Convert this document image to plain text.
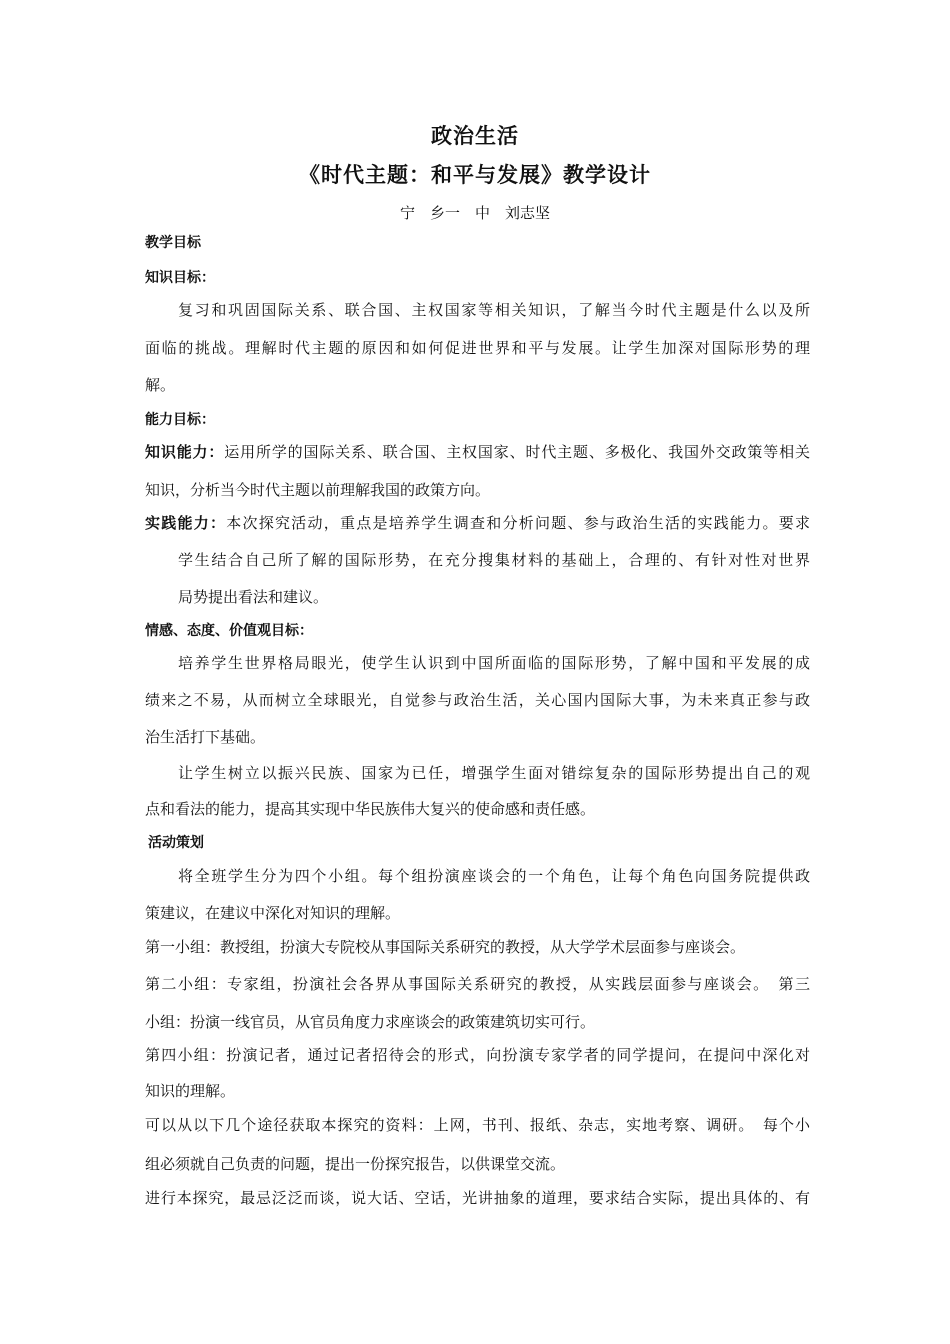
政治生活
《时代主题：和平与发展》教学设计
宁　乡一　中　刘志坚
教学目标
知识目标：
复习和巩固国际关系、联合国、主权国家等相关知识，了解当今时代主题是什么以及所
面临的挑战。理解时代主题的原因和如何促进世界和平与发展。让学生加深对国际形势的理
解。
能力目标：
知识能力：运用所学的国际关系、联合国、主权国家、时代主题、多极化、我国外交政策等相关
知识，分析当今时代主题以前理解我国的政策方向。
实践能力：本次探究活动，重点是培养学生调查和分析问题、参与政治生活的实践能力。要求
学生结合自己所了解的国际形势，在充分搜集材料的基础上，合理的、有针对性对世界
局势提出看法和建议。
情感、态度、价值观目标：
培养学生世界格局眼光，使学生认识到中国所面临的国际形势，了解中国和平发展的成
绩来之不易，从而树立全球眼光，自觉参与政治生活，关心国内国际大事，为未来真正参与政
治生活打下基础。
让学生树立以振兴民族、国家为已任，增强学生面对错综复杂的国际形势提出自己的观
点和看法的能力，提高其实现中华民族伟大复兴的使命感和责任感。
活动策划
将全班学生分为四个小组。每个组扮演座谈会的一个角色，让每个角色向国务院提供政
策建议，在建议中深化对知识的理解。
第一小组：教授组，扮演大专院校从事国际关系研究的教授，从大学学术层面参与座谈会。
第二小组：专家组，扮演社会各界从事国际关系研究的教授，从实践层面参与座谈会。　第三
小组：扮演一线官员，从官员角度力求座谈会的政策建筑切实可行。
第四小组：扮演记者，通过记者招待会的形式，向扮演专家学者的同学提问，在提问中深化对
知识的理解。
可以从以下几个途径获取本探究的资料：上网，书刊、报纸、杂志，实地考察、调研。　每个小
组必须就自己负责的问题，提出一份探究报告，以供课堂交流。
进行本探究，最忌泛泛而谈，说大话、空话，光讲抽象的道理，要求结合实际，提出具体的、有
